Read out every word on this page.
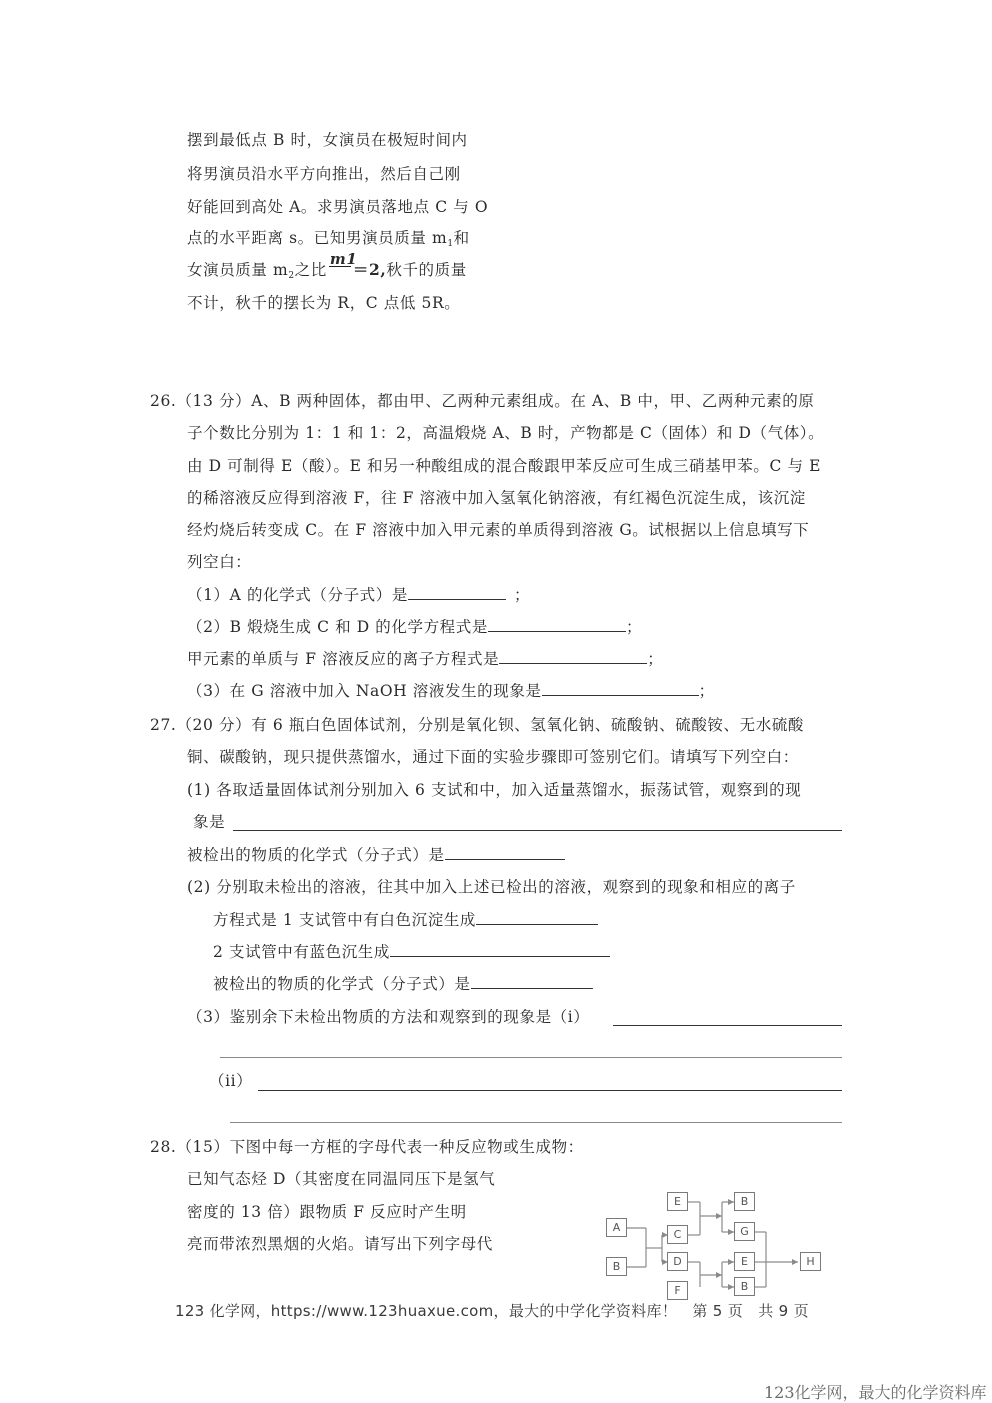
摆到最低点 B 时，女演员在极短时间内
将男演员沿水平方向推出，然后自己刚
好能回到高处 A。求男演员落地点 C 与 O
点的水平距离 s。已知男演员质量 $m_1$和
女演员质量 $m_2$之比
m1
＝2,秋千的质量
不计，秋千的摆长为 R，C 点低 5R。
26.（13 分）A、B 两种固体，都由甲、乙两种元素组成。在 A、B 中，甲、乙两种元素的原
子个数比分别为 1：1 和 1：2，高温煅烧 A、B 时，产物都是 C（固体）和 D（气体）。
由 D 可制得 E（酸）。E 和另一种酸组成的混合酸跟甲苯反应可生成三硝基甲苯。C 与 E
的稀溶液反应得到溶液 F，往 F 溶液中加入氢氧化钠溶液，有红褐色沉淀生成，该沉淀
经灼烧后转变成 C。在 F 溶液中加入甲元素的单质得到溶液 G。试根据以上信息填写下
列空白：
（1）A 的化学式（分子式）是	；
（2）B 煅烧生成 C 和 D 的化学方程式是	；
甲元素的单质与 F 溶液反应的离子方程式是	；
（3）在 G 溶液中加入 NaOH 溶液发生的现象是	；
27.（20 分）有 6 瓶白色固体试剂，分别是氧化钡、氢氧化钠、硫酸钠、硫酸铵、无水硫酸
铜、碳酸钠，现只提供蒸馏水，通过下面的实验步骤即可签别它们。请填写下列空白：
(1) 各取适量固体试剂分别加入 6 支试和中，加入适量蒸馏水，振荡试管，观察到的现
象是
被检出的物质的化学式（分子式）是
(2) 分别取未检出的溶液，往其中加入上述已检出的溶液，观察到的现象和相应的离子
方程式是 1 支试管中有白色沉淀生成
2 支试管中有蓝色沉生成
被检出的物质的化学式（分子式）是
（3）鉴别余下未检出物质的方法和观察到的现象是（i）
（ii）
28.（15）下图中每一方框的字母代表一种反应物或生成物：
已知气态烃 D（其密度在同温同压下是氢气
密度的 13 倍）跟物质 F 反应时产生明
亮而带浓烈黑烟的火焰。请写出下列字母代
A
B
E
C
D
F
B
G
E
B
H
123 化学网，https://www.123huaxue.com，最大的中学化学资料库！　第 5 页　共 9 页
123化学网，最大的化学资料库
